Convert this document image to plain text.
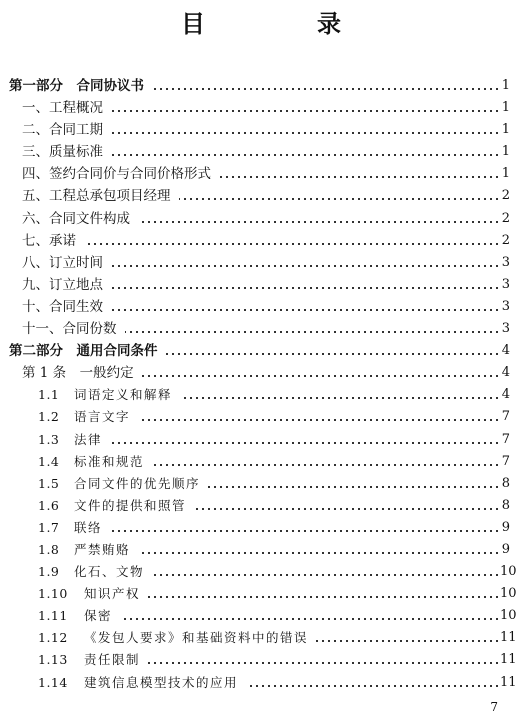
目　录
第一部分　合同协议书	1
一、工程概况	1
二、合同工期	1
三、质量标准	1
四、签约合同价与合同价格形式	1
五、工程总承包项目经理	2
六、合同文件构成	2
七、承诺	2
八、订立时间	3
九、订立地点	3
十、合同生效	3
十一、合同份数	3
第二部分　通用合同条件	4
第 1 条　一般约定	4
1.1 词语定义和解释	4
1.2 语言文字	7
1.3 法律	7
1.4 标准和规范	7
1.5 合同文件的优先顺序	8
1.6 文件的提供和照管	8
1.7 联络	9
1.8 严禁贿赂	9
1.9 化石、文物	10
1.10 知识产权	10
1.11 保密	10
1.12 《发包人要求》和基础资料中的错误	11
1.13 责任限制	11
1.14 建筑信息模型技术的应用	11
7
